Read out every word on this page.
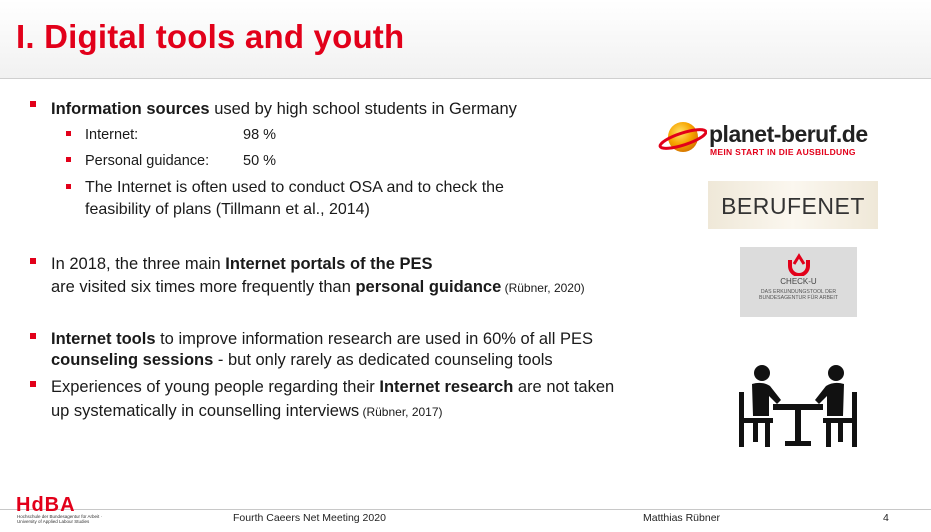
I. Digital tools and youth
Information sources used by high school students in Germany
Internet:	98 %
Personal guidance: 50 %
The Internet is often used to conduct OSA and to check the
feasibility of plans (Tillmann et al., 2014)
In 2018, the three main Internet portals of the PES
are visited six times more frequently than personal guidance (Rübner, 2020)
Internet tools to improve information research are used in 60% of all PES
counseling sessions - but only rarely as dedicated counseling tools
Experiences of young people regarding their Internet research are not taken
up systematically in counselling interviews (Rübner, 2017)
planet-beruf.de
MEIN START IN DIE AUSBILDUNG
BERUFENET
CHECK-U
DAS ERKUNDUNGSTOOL DER BUNDESAGENTUR FÜR ARBEIT
HdBA
Hochschule der Bundesagentur für Arbeit · University of Applied Labour Studies	Fourth Caeers Net Meeting 2020	Matthias Rübner	4
